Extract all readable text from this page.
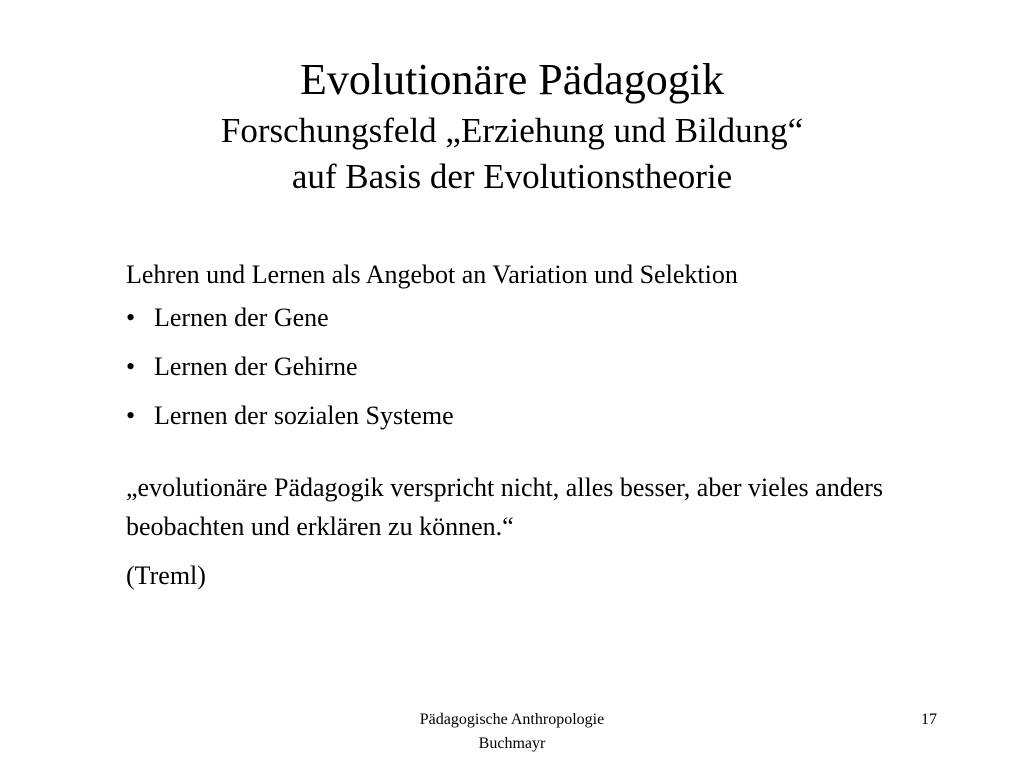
Evolutionäre Pädagogik
Forschungsfeld „Erziehung und Bildung“
auf Basis der Evolutionstheorie

Lehren und Lernen als Angebot an Variation und Selektion

• Lernen der Gene
• Lernen der Gehirne
• Lernen der sozialen Systeme

„evolutionäre Pädagogik verspricht nicht, alles besser, aber vieles anders beobachten und erklären zu können.“

(Treml)

Pädagogische Anthropologie
Buchmayr
17
